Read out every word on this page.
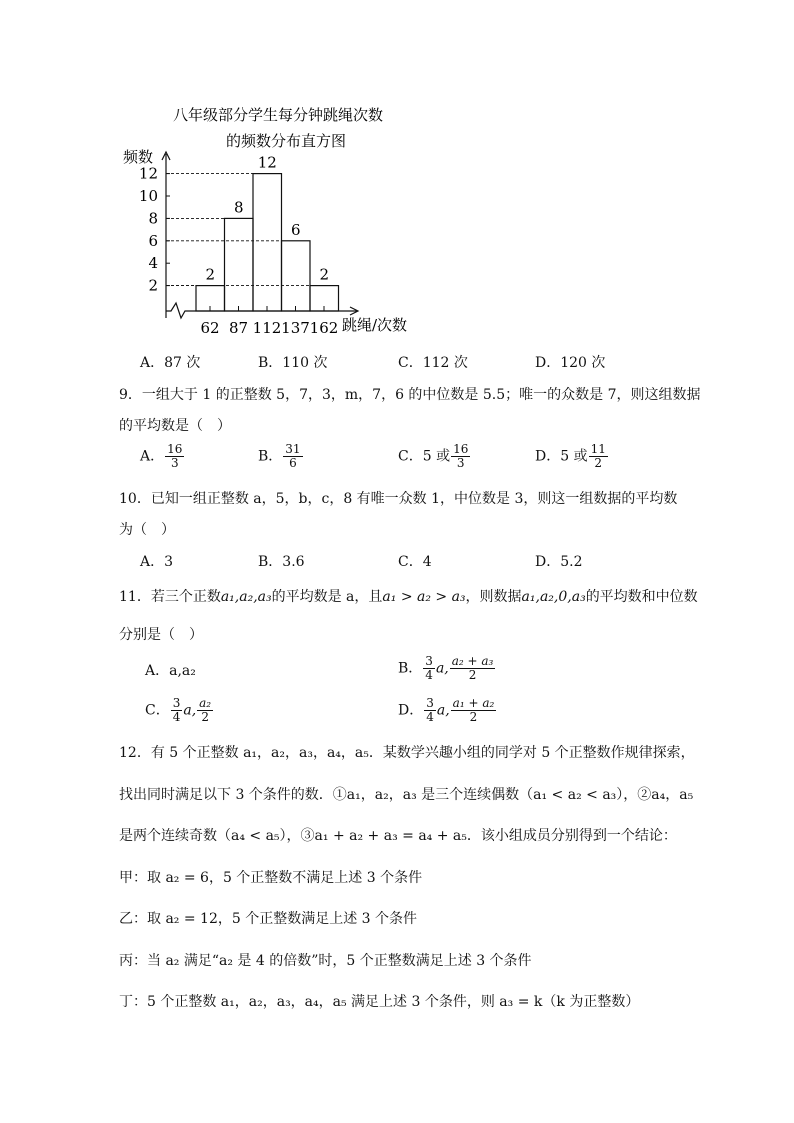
八年级部分学生每分钟跳绳次数
的频数分布直方图
频数
跳绳/次数
2
4
6
8
10
12
2
8
12
6
2
62 87 112 137 162
A．87 次	B．110 次	C．112 次	D．120 次
9．一组大于 1 的正整数 5，7，3，m，7，6 的中位数是 5.5；唯一的众数是 7，则这组数据
的平均数是（　）
A． $\frac{16}{3}$	B． $\frac{31}{6}$	C．5 或 $\frac{16}{3}$	D．5 或 $\frac{11}{2}$
10．已知一组正整数 a，5，b，c，8 有唯一众数 1，中位数是 3，则这一组数据的平均数
为（　）
A．3	B．3.6	C．4	D．5.2
11．若三个正数a₁,a₂,a₃的平均数是 a，且a₁ > a₂ > a₃，则数据a₁,a₂,0,a₃的平均数和中位数
分别是（　）
A．a,a₂	B． $\frac{3}{4} a$, $\frac{\text{a₂ + a₃}}{2}$
C． $\frac{3}{4} a$, $\frac{\text{a₂}}{2}$	D． $\frac{3}{4} a$, $\frac{\text{a₁ + a₂}}{2}$
12．有 5 个正整数 a₁，a₂，a₃，a₄，a₅．某数学兴趣小组的同学对 5 个正整数作规律探索，
找出同时满足以下 3 个条件的数．①a₁，a₂，a₃ 是三个连续偶数（a₁ < a₂ < a₃），②a₄，a₅
是两个连续奇数（a₄ < a₅），③a₁ + a₂ + a₃ = a₄ + a₅．该小组成员分别得到一个结论：
甲：取 a₂ = 6，5 个正整数不满足上述 3 个条件
乙：取 a₂ = 12，5 个正整数满足上述 3 个条件
丙：当 a₂ 满足“a₂ 是 4 的倍数”时，5 个正整数满足上述 3 个条件
丁：5 个正整数 a₁，a₂，a₃，a₄，a₅ 满足上述 3 个条件，则 a₃ = k（k 为正整数）
